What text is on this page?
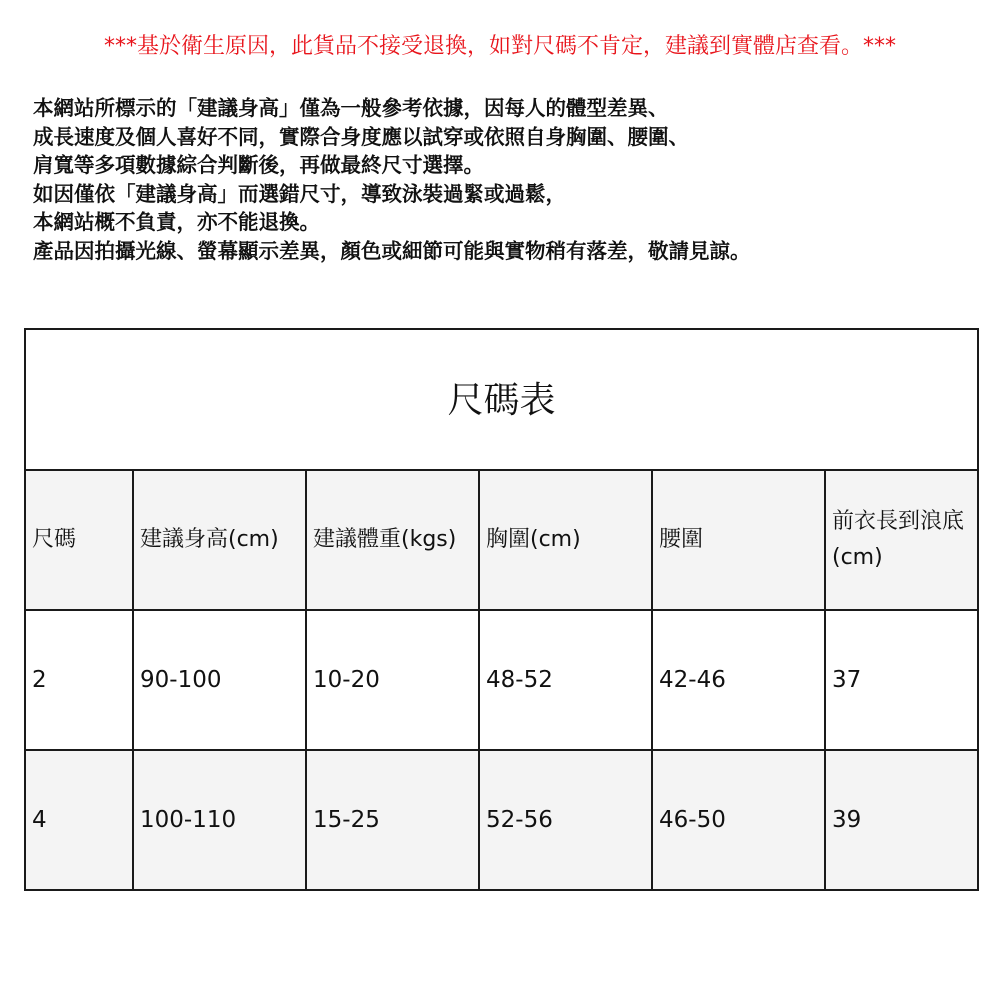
***基於衛生原因，此貨品不接受退換，如對尺碼不肯定，建議到實體店查看。***
本網站所標示的「建議身高」僅為一般參考依據，因每人的體型差異、
成長速度及個人喜好不同，實際合身度應以試穿或依照自身胸圍、腰圍、
肩寬等多項數據綜合判斷後，再做最終尺寸選擇。
如因僅依「建議身高」而選錯尺寸，導致泳裝過緊或過鬆，
本網站概不負責，亦不能退換。
產品因拍攝光線、螢幕顯示差異，顏色或細節可能與實物稍有落差，敬請見諒。
尺碼表					
尺碼	建議身高(cm)	建議體重(kgs)	胸圍(cm)	腰圍	前衣長到浪底(cm)
2	90-100	10-20	48-52	42-46	37
4	100-110	15-25	52-56	46-50	39
